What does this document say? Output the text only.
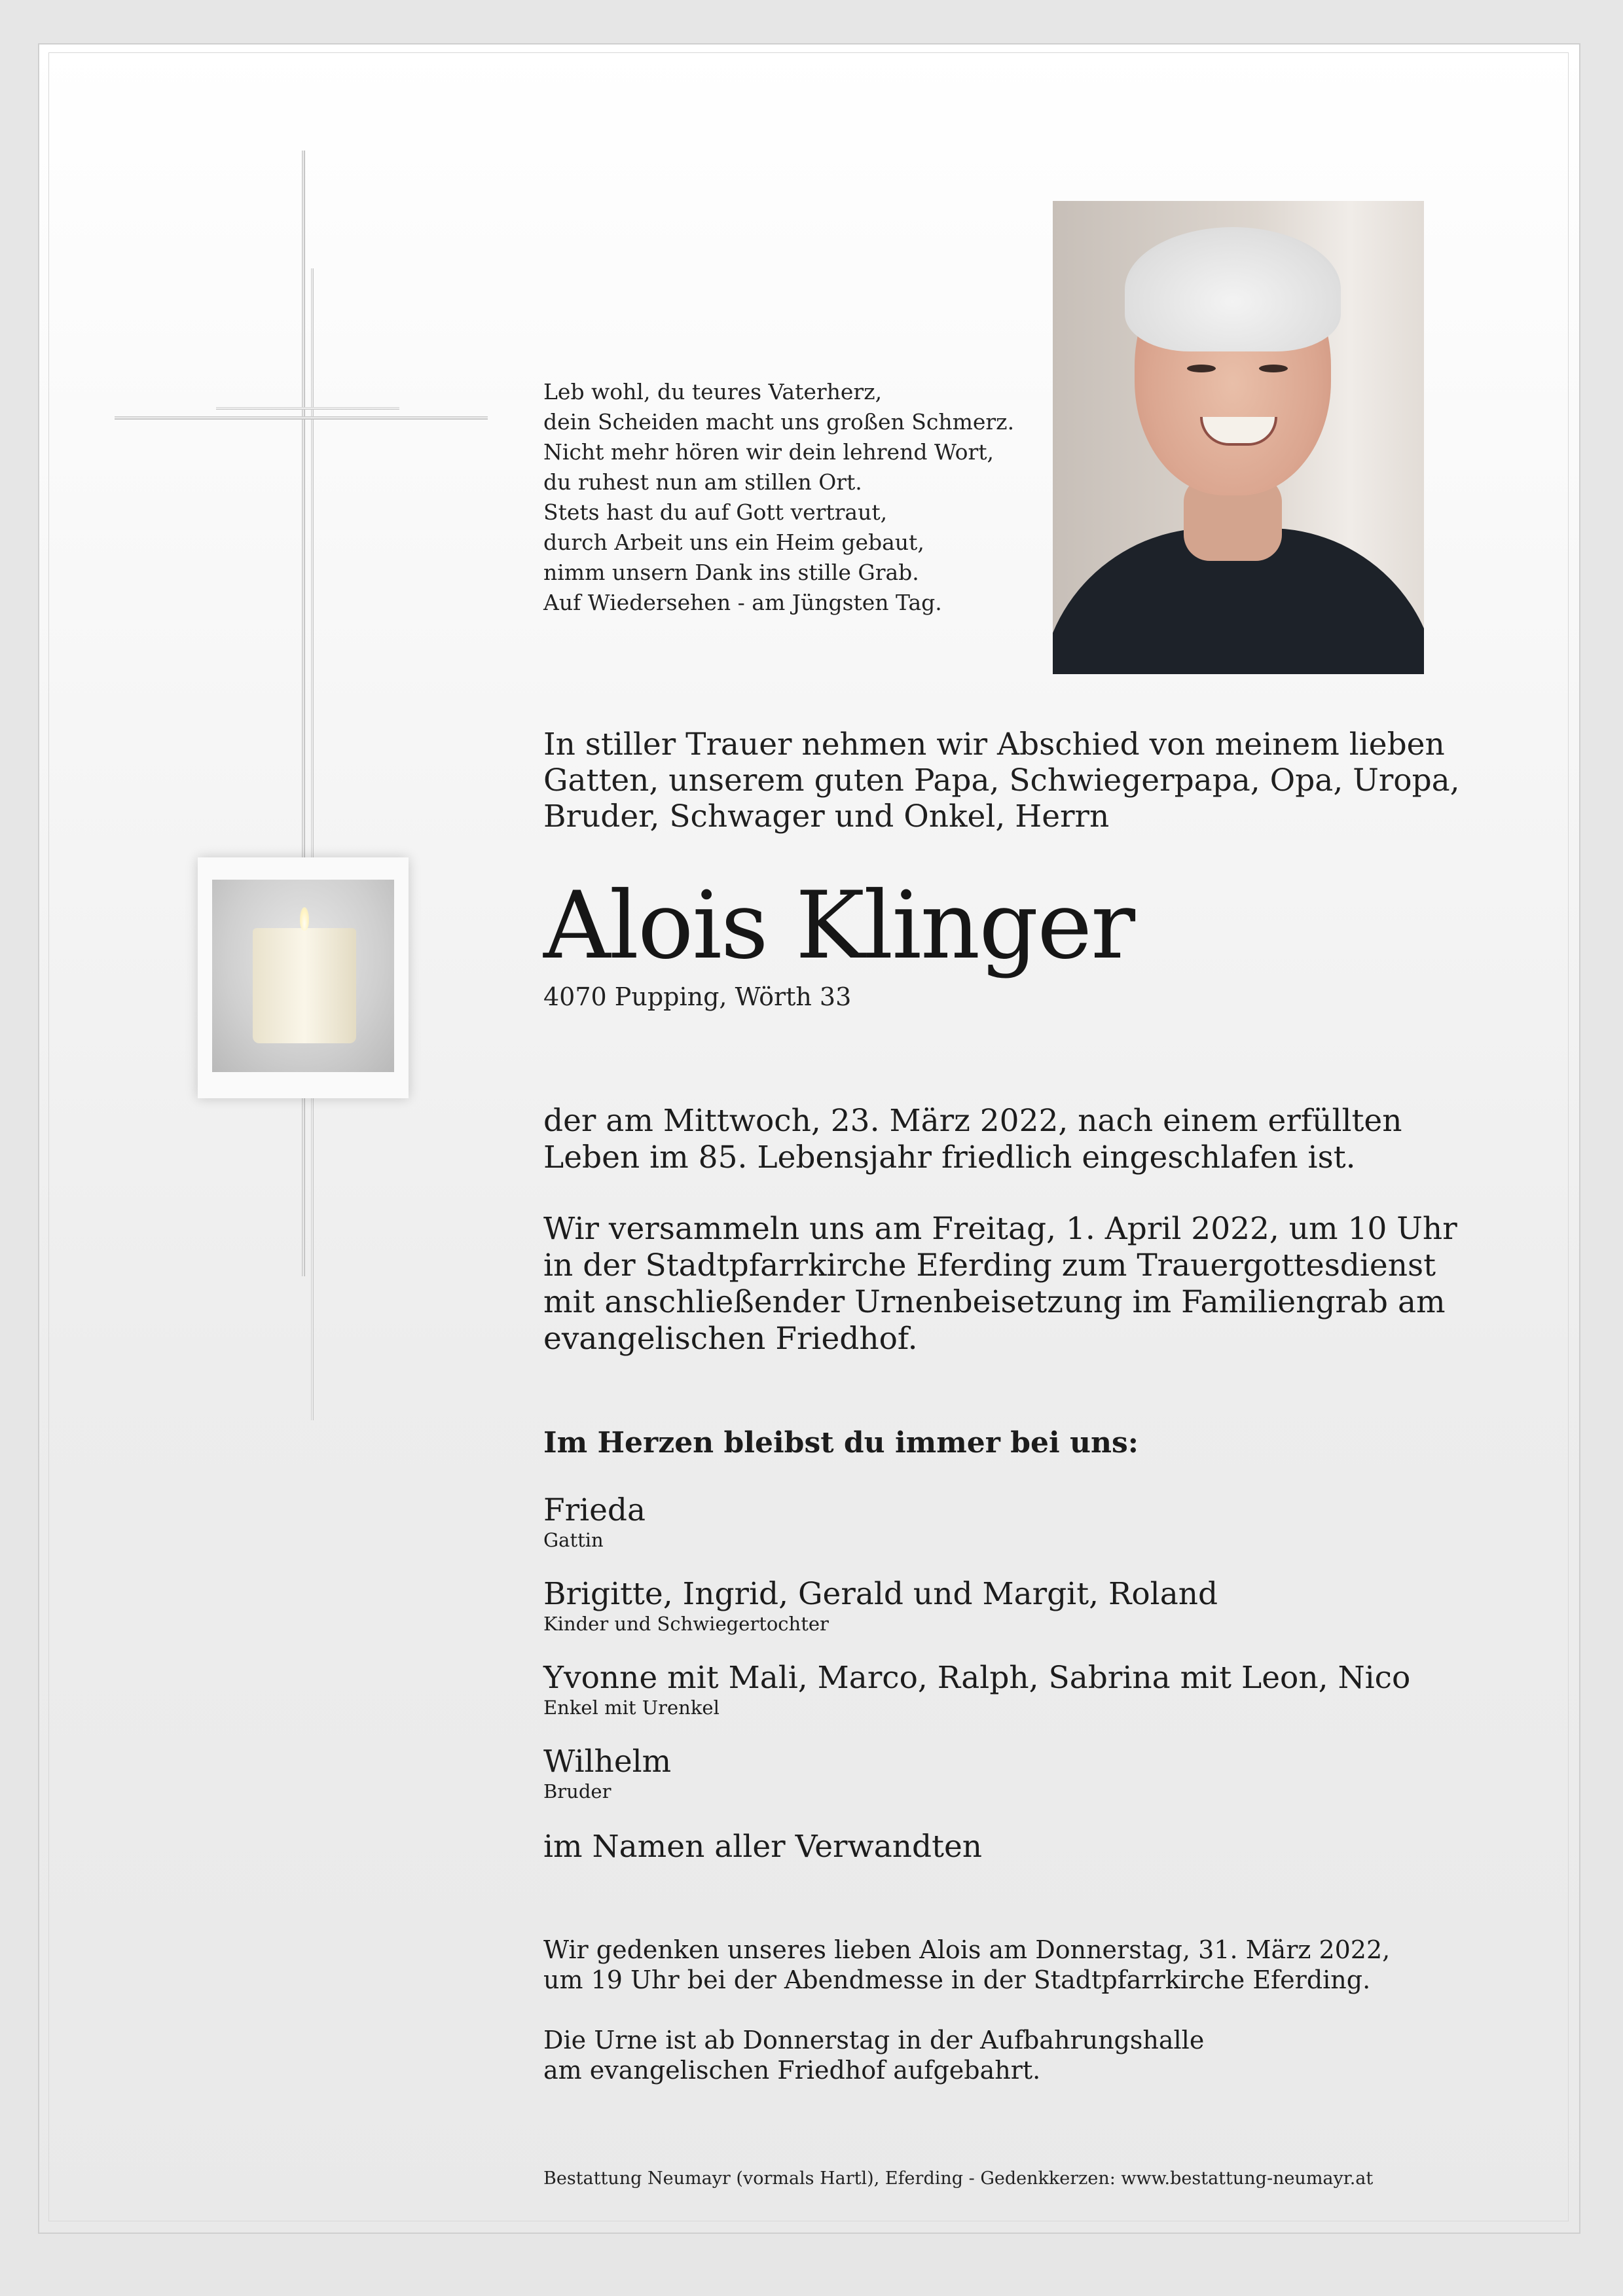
Leb wohl, du teures Vaterherz,
dein Scheiden macht uns großen Schmerz.
Nicht mehr hören wir dein lehrend Wort,
du ruhest nun am stillen Ort.
Stets hast du auf Gott vertraut,
durch Arbeit uns ein Heim gebaut,
nimm unsern Dank ins stille Grab.
Auf Wiedersehen - am Jüngsten Tag.
In stiller Trauer nehmen wir Abschied von meinem lieben
Gatten, unserem guten Papa, Schwiegerpapa, Opa, Uropa,
Bruder, Schwager und Onkel, Herrn
Alois Klinger
4070 Pupping, Wörth 33
der am Mittwoch, 23. März 2022, nach einem erfüllten
Leben im 85. Lebensjahr friedlich eingeschlafen ist.
Wir versammeln uns am Freitag, 1. April 2022, um 10 Uhr
in der Stadtpfarrkirche Eferding zum Trauergottesdienst
mit anschließender Urnenbeisetzung im Familiengrab am
evangelischen Friedhof.
Im Herzen bleibst du immer bei uns:
Frieda
Gattin
Brigitte, Ingrid, Gerald und Margit, Roland
Kinder und Schwiegertochter
Yvonne mit Mali, Marco, Ralph, Sabrina mit Leon, Nico
Enkel mit Urenkel
Wilhelm
Bruder
im Namen aller Verwandten
Wir gedenken unseres lieben Alois am Donnerstag, 31. März 2022,
um 19 Uhr bei der Abendmesse in der Stadtpfarrkirche Eferding.
Die Urne ist ab Donnerstag in der Aufbahrungshalle
am evangelischen Friedhof aufgebahrt.
Bestattung Neumayr (vormals Hartl), Eferding - Gedenkkerzen: www.bestattung-neumayr.at
